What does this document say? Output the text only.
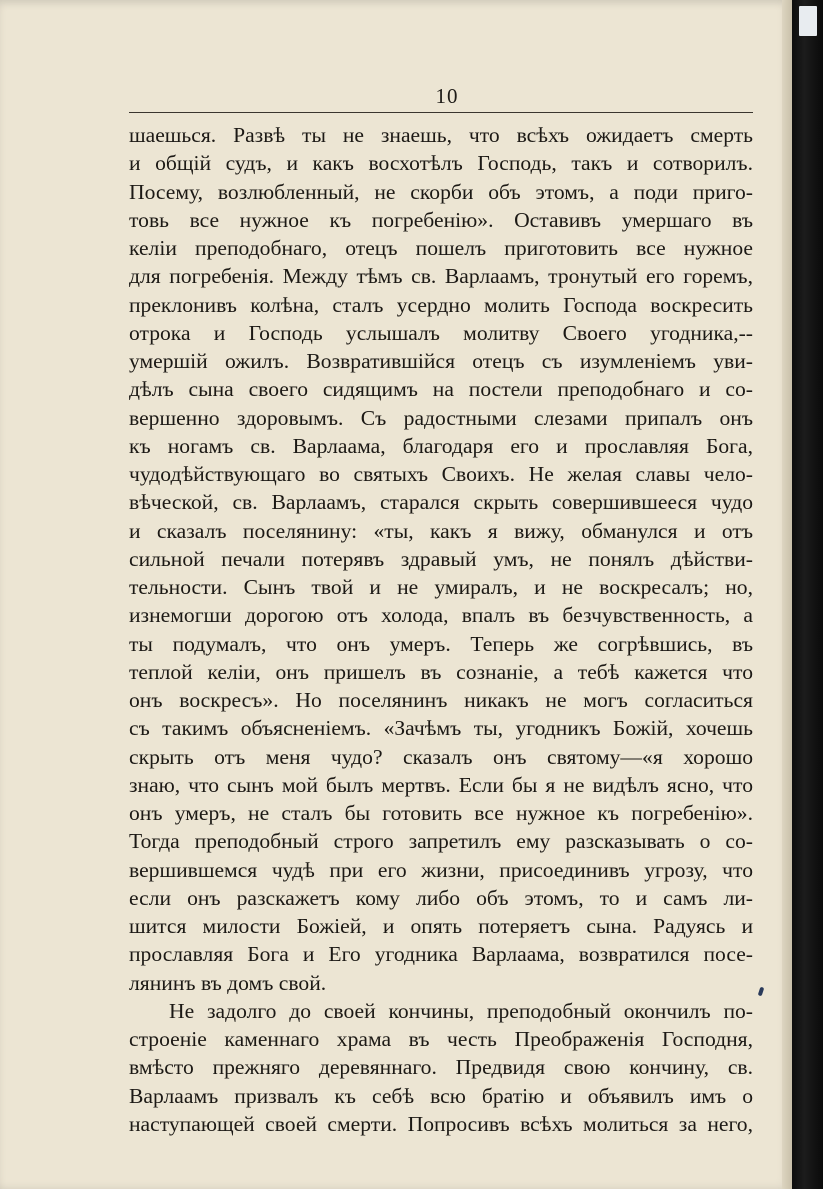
10
шаешься. Развѣ ты не знаешь, что всѣхъ ожидаетъ смерть
и общій судъ, и какъ восхотѣлъ Господь, такъ и сотворилъ.
Посему, возлюбленный, не скорби объ этомъ, а поди приго-
товь все нужное къ погребенію». Оставивъ умершаго въ
келіи преподобнаго, отецъ пошелъ приготовить все нужное
для погребенія. Между тѣмъ св. Варлаамъ, тронутый его горемъ,
преклонивъ колѣна, сталъ усердно молить Господа воскресить
отрока и Господь услышалъ молитву Своего угодника,--
умершій ожилъ. Возвратившійся отецъ съ изумленіемъ уви-
дѣлъ сына своего сидящимъ на постели преподобнаго и со-
вершенно здоровымъ. Съ радостными слезами припалъ онъ
къ ногамъ св. Варлаама, благодаря его и прославляя Бога,
чудодѣйствующаго во святыхъ Своихъ. Не желая славы чело-
вѣческой, св. Варлаамъ, старался скрыть совершившееся чудо
и сказалъ поселянину: «ты, какъ я вижу, обманулся и отъ
сильной печали потерявъ здравый умъ, не понялъ дѣйстви-
тельности. Сынъ твой и не умиралъ, и не воскресалъ; но,
изнемогши дорогою отъ холода, впалъ въ безчувственность, а
ты подумалъ, что онъ умеръ. Теперь же согрѣвшись, въ
теплой келіи, онъ пришелъ въ сознаніе, а тебѣ кажется что
онъ воскресъ». Но поселянинъ никакъ не могъ согласиться
съ такимъ объясненіемъ. «Зачѣмъ ты, угодникъ Божій, хочешь
скрыть отъ меня чудо? сказалъ онъ святому—«я хорошо
знаю, что сынъ мой былъ мертвъ. Если бы я не видѣлъ ясно, что
онъ умеръ, не сталъ бы готовить все нужное къ погребенію».
Тогда преподобный строго запретилъ ему разсказывать о со-
вершившемся чудѣ при его жизни, присоединивъ угрозу, что
если онъ разскажетъ кому либо объ этомъ, то и самъ ли-
шится милости Божіей, и опять потеряетъ сына. Радуясь и
прославляя Бога и Его угодника Варлаама, возвратился посе-
лянинъ въ домъ свой.
Не задолго до своей кончины, преподобный окончилъ по-
строеніе каменнаго храма въ честь Преображенія Господня,
вмѣсто прежняго деревяннаго. Предвидя свою кончину, св.
Варлаамъ призвалъ къ себѣ всю братію и объявилъ имъ о
наступающей своей смерти. Попросивъ всѣхъ молиться за него,
